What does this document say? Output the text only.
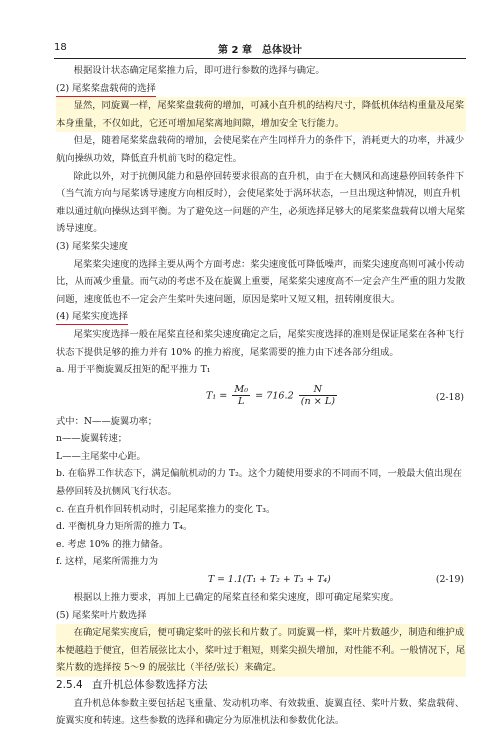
18	第 2 章　总体设计

根据设计状态确定尾桨推力后，即可进行参数的选择与确定。

(2) 尾桨桨盘载荷的选择

显然，同旋翼一样，尾桨桨盘载荷的增加，可减小直升机的结构尺寸，降低机体结构重量及尾桨本身重量，不仅如此，它还可增加尾桨离地间隙，增加安全飞行能力。

但是，随着尾桨桨盘载荷的增加，会使尾桨在产生同样升力的条件下，消耗更大的功率，并减少航向操纵功效，降低直升机前飞时的稳定性。

除此以外，对于抗侧风能力和悬停回转要求很高的直升机，由于在大侧风和高速悬停回转条件下（当气流方向与尾桨诱导速度方向相反时），会使尾桨处于涡环状态，一旦出现这种情况，则直升机难以通过航向操纵达到平衡。为了避免这一问题的产生，必须选择足够大的尾桨桨盘载荷以增大尾桨诱导速度。

(3) 尾桨桨尖速度

尾桨桨尖速度的选择主要从两个方面考虑：桨尖速度低可降低噪声，而桨尖速度高则可减小传动比，从而减少重量。而气动的考虑不及在旋翼上重要，尾桨桨尖速度高不一定会产生严重的阻力发散问题，速度低也不一定会产生桨叶失速问题，原因是桨叶又短又粗，扭转刚度很大。

(4) 尾桨实度选择

尾桨实度选择一般在尾桨直径和桨尖速度确定之后，尾桨实度选择的准则是保证尾桨在各种飞行状态下提供足够的推力并有 10% 的推力裕度，尾桨需要的推力由下述各部分组成。

a. 用于平衡旋翼反扭矩的配平推力 T₁

$T_1 = \frac{\text{M₀}}{L} = 716.2 \frac{N}{(n \times L)}$	(2-18)

式中：N——旋翼功率；

n——旋翼转速；

L——主尾桨中心距。

b. 在临界工作状态下，满足偏航机动的力 T₂。这个力随使用要求的不同而不同，一般最大值出现在悬停回转及抗侧风飞行状态。

c. 在直升机作回转机动时，引起尾桨推力的变化 T₃。

d. 平衡机身力矩所需的推力 T₄。

e. 考虑 10% 的推力储备。

f. 这样，尾桨所需推力为

T = 1.1(T₁ + T₂ + T₃ + T₄)	(2-19)

根据以上推力要求，再加上已确定的尾桨直径和桨尖速度，即可确定尾桨实度。

(5) 尾桨桨叶片数选择

在确定尾桨实度后，便可确定桨叶的弦长和片数了。同旋翼一样，桨叶片数越少，制造和维护成本便越趋于便宜，但若展弦比太小，桨叶过于粗短，则桨尖损失增加，对性能不利。一般情况下，尾桨片数的选择按 5～9 的展弦比（半径/弦长）来确定。

2.5.4 直升机总体参数选择方法

直升机总体参数主要包括起飞重量、发动机功率、有效载重、旋翼直径、桨叶片数、桨盘载荷、旋翼实度和转速。这些参数的选择和确定分为原准机法和参数优化法。
